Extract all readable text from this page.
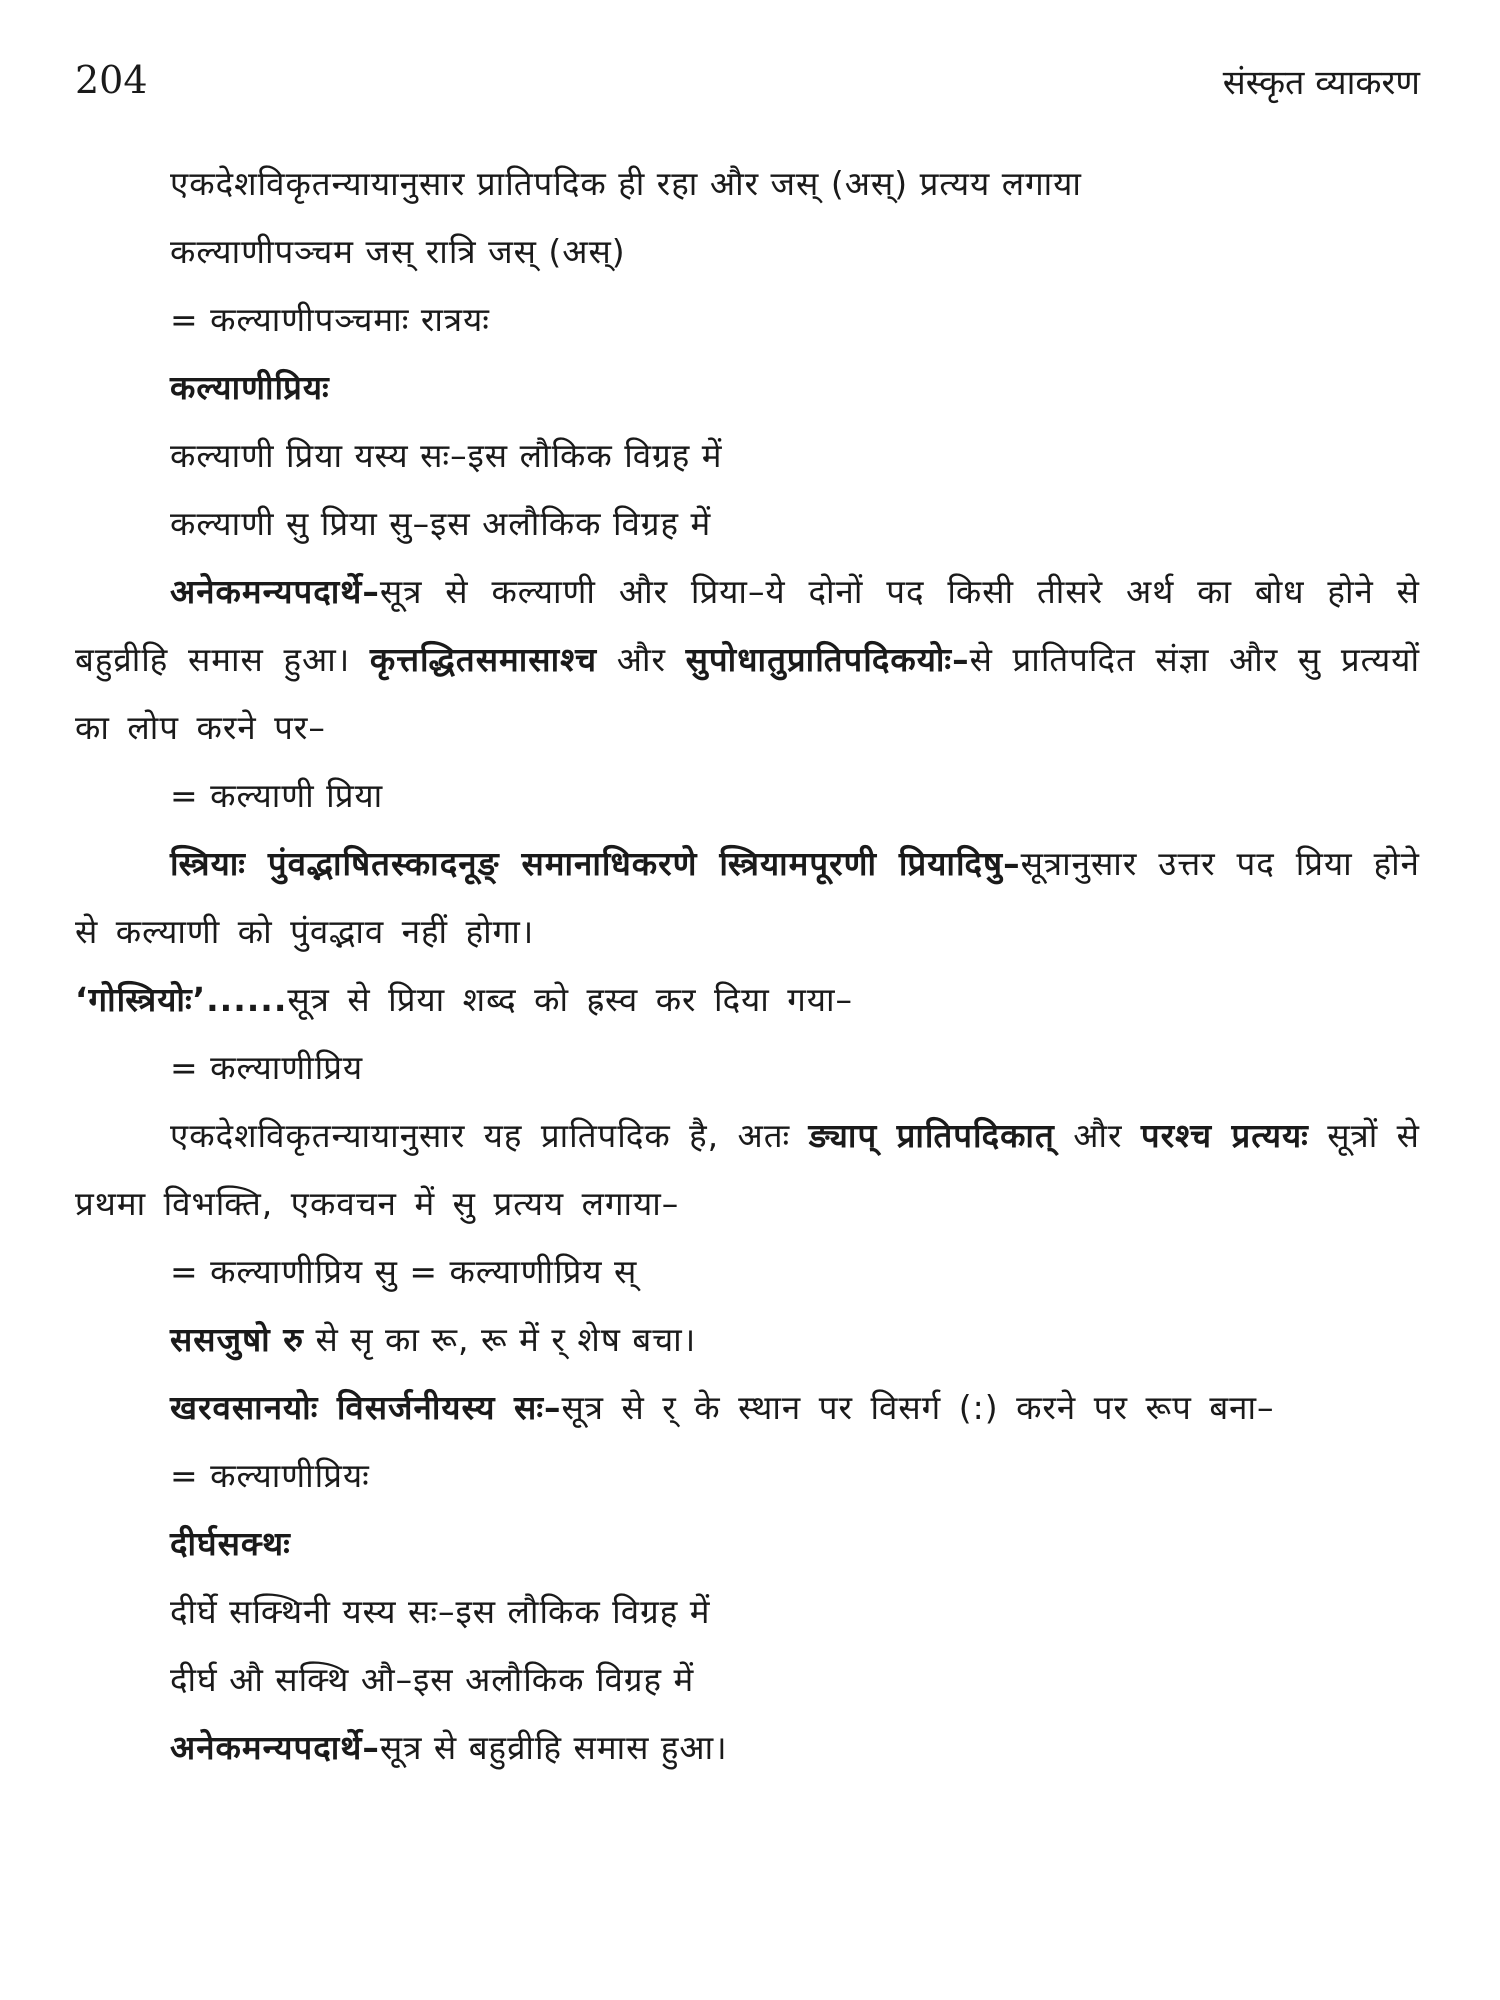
204	संस्कृत व्याकरण
एकदेशविकृतन्यायानुसार प्रातिपदिक ही रहा और जस् (अस्) प्रत्यय लगाया
कल्याणीपञ्चम जस् रात्रि जस् (अस्)
= कल्याणीपञ्चमाः रात्रयः
कल्याणीप्रियः
कल्याणी प्रिया यस्य सः–इस लौकिक विग्रह में
कल्याणी सु प्रिया सु–इस अलौकिक विग्रह में
अनेकमन्यपदार्थे–सूत्र से कल्याणी और प्रिया–ये दोनों पद किसी तीसरे अर्थ का बोध होने से बहुव्रीहि समास हुआ। कृत्तद्धितसमासाश्च और सुपोधातुप्रातिपदिकयोः–से प्रातिपदित संज्ञा और सु प्रत्ययों का लोप करने पर–
= कल्याणी प्रिया
स्त्रियाः पुंवद्भाषितस्कादनूङ् समानाधिकरणे स्त्रियामपूरणी प्रियादिषु–सूत्रानुसार उत्तर पद प्रिया होने से कल्याणी को पुंवद्भाव नहीं होगा।
‘गोस्त्रियोः’......सूत्र से प्रिया शब्द को ह्रस्व कर दिया गया–
= कल्याणीप्रिय
एकदेशविकृतन्यायानुसार यह प्रातिपदिक है, अतः ङ्याप् प्रातिपदिकात् और परश्च प्रत्ययः सूत्रों से प्रथमा विभक्ति, एकवचन में सु प्रत्यय लगाया–
= कल्याणीप्रिय सु = कल्याणीप्रिय स्
ससजुषो रु से सृ का रू, रू में र् शेष बचा।
खरवसानयोः विसर्जनीयस्य सः–सूत्र से र् के स्थान पर विसर्ग (:) करने पर रूप बना–
= कल्याणीप्रियः
दीर्घसक्थः
दीर्घे सक्थिनी यस्य सः–इस लौकिक विग्रह में
दीर्घ औ सक्थि औ–इस अलौकिक विग्रह में
अनेकमन्यपदार्थे–सूत्र से बहुव्रीहि समास हुआ।
